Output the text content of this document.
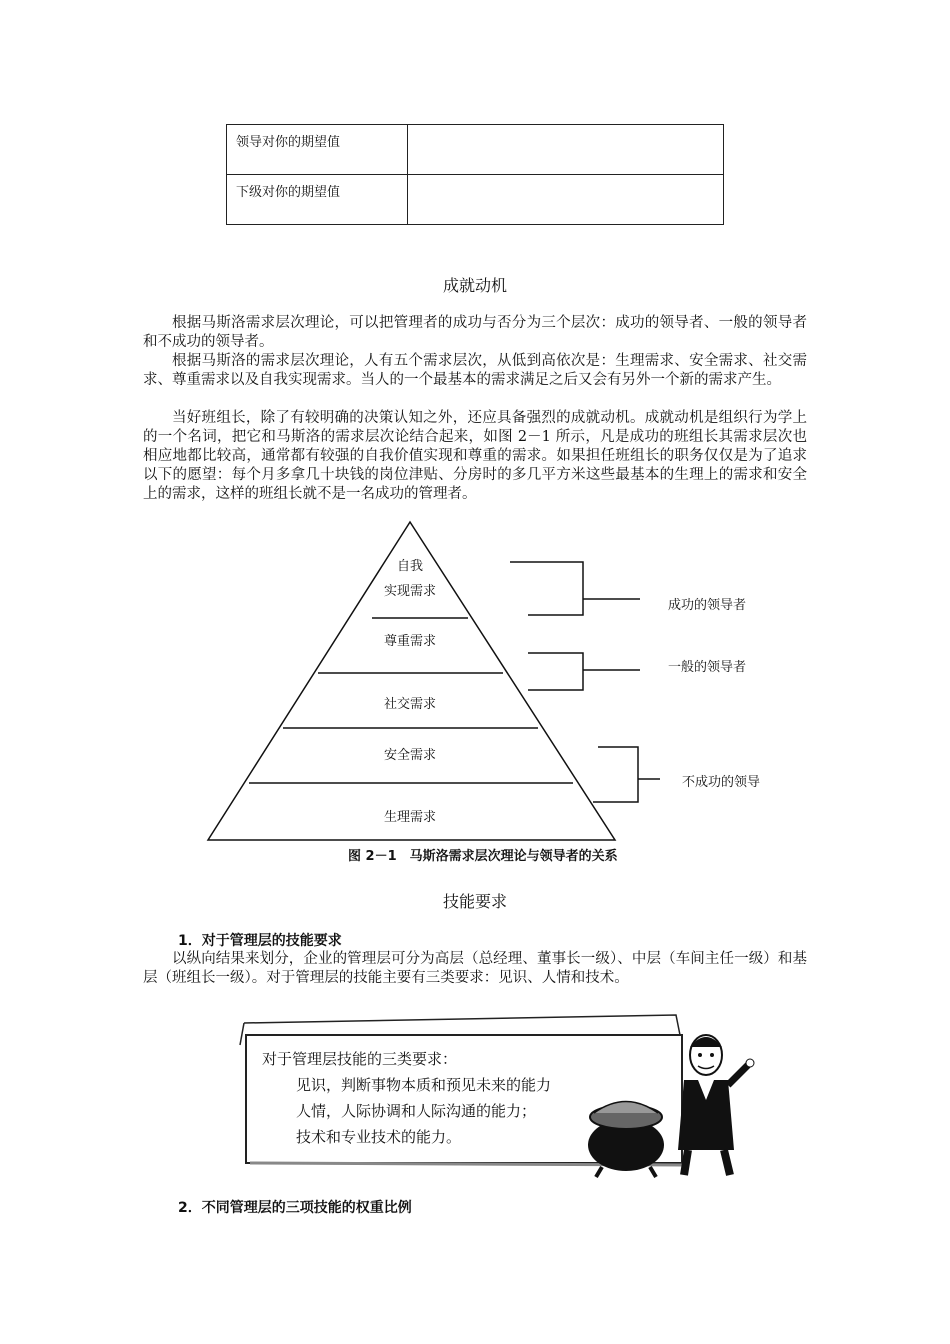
领导对你的期望值	
下级对你的期望值	
成就动机

根据马斯洛需求层次理论，可以把管理者的成功与否分为三个层次：成功的领导者、一般的领导者和不成功的领导者。

根据马斯洛的需求层次理论，人有五个需求层次，从低到高依次是：生理需求、安全需求、社交需求、尊重需求以及自我实现需求。当人的一个最基本的需求满足之后又会有另外一个新的需求产生。

当好班组长，除了有较明确的决策认知之外，还应具备强烈的成就动机。成就动机是组织行为学上的一个名词，把它和马斯洛的需求层次论结合起来，如图 2－1 所示，凡是成功的班组长其需求层次也相应地都比较高，通常都有较强的自我价值实现和尊重的需求。如果担任班组长的职务仅仅是为了追求以下的愿望：每个月多拿几十块钱的岗位津贴、分房时的多几平方米这些最基本的生理上的需求和安全上的需求，这样的班组长就不是一名成功的管理者。

自我
实现需求
尊重需求
社交需求
安全需求
生理需求
成功的领导者
一般的领导者
不成功的领导
图 2－1　马斯洛需求层次理论与领导者的关系
技能要求
1．对于管理层的技能要求

以纵向结果来划分，企业的管理层可分为高层（总经理、董事长一级）、中层（车间主任一级）和基层（班组长一级）。对于管理层的技能主要有三类要求：见识、人情和技术。

对于管理层技能的三类要求：
见识，判断事物本质和预见未来的能力
人情，人际协调和人际沟通的能力；
技术和专业技术的能力。
2．不同管理层的三项技能的权重比例
